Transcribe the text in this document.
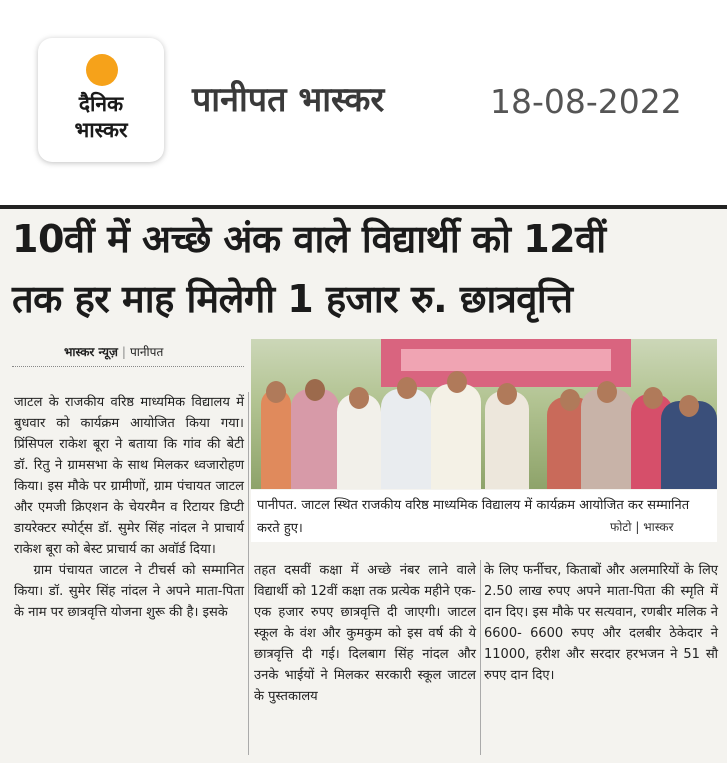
दैनिक
भास्कर
पानीपत भास्कर	18-08-2022
10वीं में अच्छे अंक वाले विद्यार्थी को 12वीं
तक हर माह मिलेगी 1 हजार रु. छात्रवृत्ति
भास्कर न्यूज़ | पानीपत
पानीपत. जाटल स्थित राजकीय वरिष्ठ माध्यमिक विद्यालय में कार्यक्रम आयोजित कर सम्मानित करते हुए।	फोटो | भास्कर

जाटल के राजकीय वरिष्ठ माध्यमिक विद्यालय में बुधवार को कार्यक्रम आयोजित किया गया। प्रिंसिपल राकेश बूरा ने बताया कि गांव की बेटी डॉ. रितु ने ग्रामसभा के साथ मिलकर ध्वजारोहण किया। इस मौके पर ग्रामीणों, ग्राम पंचायत जाटल और एमजी क्रिएशन के चेयरमैन व रिटायर डिप्टी डायरेक्टर स्पोर्ट्स डॉ. सुमेर सिंह नांदल ने प्राचार्य राकेश बूरा को बेस्ट प्राचार्य का अवॉर्ड दिया।

ग्राम पंचायत जाटल ने टीचर्स को सम्मानित किया। डॉ. सुमेर सिंह नांदल ने अपने माता-पिता के नाम पर छात्रवृत्ति योजना शुरू की है। इसके

तहत दसवीं कक्षा में अच्छे नंबर लाने वाले विद्यार्थी को 12वीं कक्षा तक प्रत्येक महीने एक-एक हजार रुपए छात्रवृत्ति दी जाएगी। जाटल स्कूल के वंश और कुमकुम को इस वर्ष की ये छात्रवृत्ति दी गई। दिलबाग सिंह नांदल और उनके भाईयों ने मिलकर सरकारी स्कूल जाटल के पुस्तकालय

के लिए फर्नीचर, किताबों और अलमारियों के लिए 2.50 लाख रुपए अपने माता-पिता की स्मृति में दान दिए। इस मौके पर सत्यवान, रणबीर मलिक ने 6600- 6600 रुपए और दलबीर ठेकेदार ने 11000, हरीश और सरदार हरभजन ने 51 सौ रुपए दान दिए।
